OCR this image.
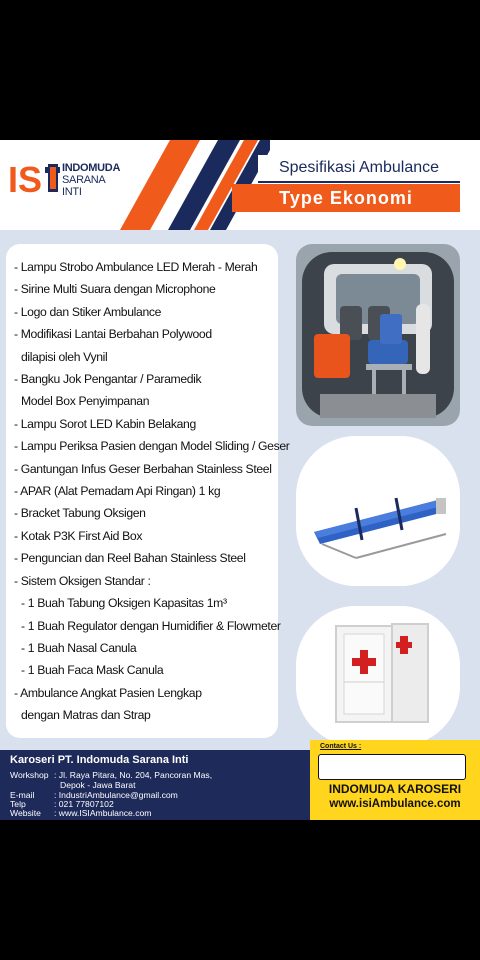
IS INDOMUDA
SARANA
INTI
Spesifikasi Ambulance
Type Ekonomi
- Lampu Strobo Ambulance LED Merah - Merah
- Sirine Multi Suara dengan Microphone
- Logo dan Stiker Ambulance
- Modifikasi Lantai Berbahan Polywood
dilapisi oleh Vynil
- Bangku Jok Pengantar / Paramedik
Model Box Penyimpanan
- Lampu Sorot LED Kabin Belakang
- Lampu Periksa Pasien dengan Model Sliding / Geser
- Gantungan Infus Geser Berbahan Stainless Steel
- APAR (Alat Pemadam Api Ringan) 1 kg
- Bracket Tabung Oksigen
- Kotak P3K First Aid Box
- Penguncian dan Reel Bahan Stainless Steel
- Sistem Oksigen Standar :
- 1 Buah Tabung Oksigen Kapasitas 1m³
- 1 Buah Regulator dengan Humidifier & Flowmeter
- 1 Buah Nasal Canula
- 1 Buah Faca Mask Canula
- Ambulance Angkat Pasien Lengkap
dengan Matras dan Strap
Karoseri PT. Indomuda Sarana Inti
Workshop : Jl. Raya Pitara, No. 204, Pancoran Mas,
Depok - Jawa Barat
E-mail : IndustriAmbulance@gmail.com
Telp	: 021 77807102
Website : www.ISIAmbulance.com
Contact Us :
INDOMUDA KAROSERI
www.isiAmbulance.com
